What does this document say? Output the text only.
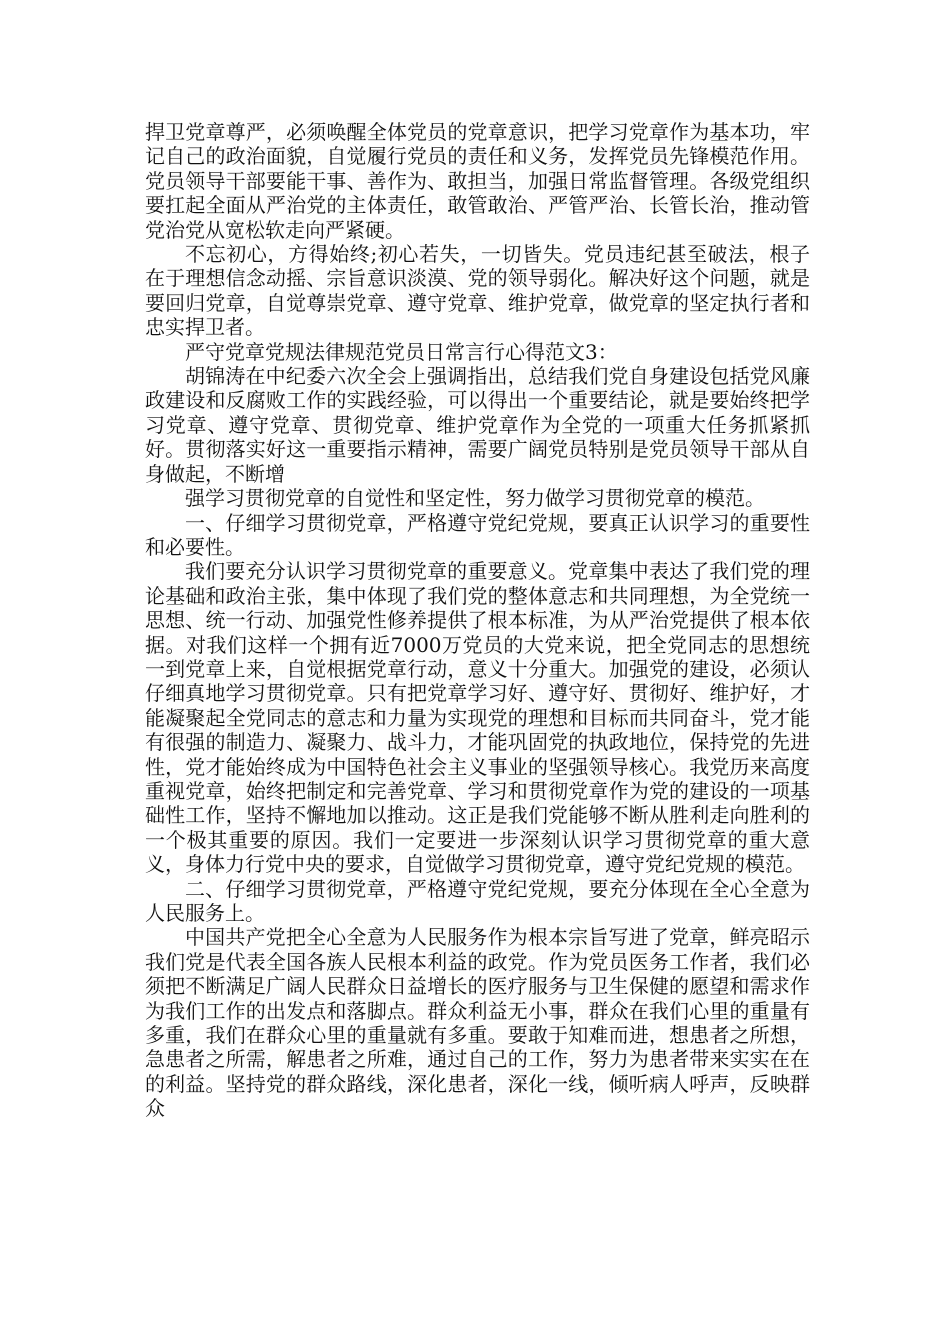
捍卫党章尊严，必须唤醒全体党员的党章意识，把学习党章作为基本功，牢记自己的政治面貌，自觉履行党员的责任和义务，发挥党员先锋模范作用。党员领导干部要能干事、善作为、敢担当，加强日常监督管理。各级党组织要扛起全面从严治党的主体责任，敢管敢治、严管严治、长管长治，推动管党治党从宽松软走向严紧硬。

不忘初心，方得始终;初心若失，一切皆失。党员违纪甚至破法，根子在于理想信念动摇、宗旨意识淡漠、党的领导弱化。解决好这个问题，就是要回归党章，自觉尊崇党章、遵守党章、维护党章，做党章的坚定执行者和忠实捍卫者。

严守党章党规法律规范党员日常言行心得范文3：

胡锦涛在中纪委六次全会上强调指出，总结我们党自身建设包括党风廉政建设和反腐败工作的实践经验，可以得出一个重要结论，就是要始终把学习党章、遵守党章、贯彻党章、维护党章作为全党的一项重大任务抓紧抓好。贯彻落实好这一重要指示精神，需要广阔党员特别是党员领导干部从自身做起，不断增

强学习贯彻党章的自觉性和坚定性，努力做学习贯彻党章的模范。

一、仔细学习贯彻党章，严格遵守党纪党规，要真正认识学习的重要性和必要性。

我们要充分认识学习贯彻党章的重要意义。党章集中表达了我们党的理论基础和政治主张，集中体现了我们党的整体意志和共同理想，为全党统一思想、统一行动、加强党性修养提供了根本标准，为从严治党提供了根本依据。对我们这样一个拥有近7000万党员的大党来说，把全党同志的思想统一到党章上来，自觉根据党章行动，意义十分重大。加强党的建设，必须认仔细真地学习贯彻党章。只有把党章学习好、遵守好、贯彻好、维护好，才能凝聚起全党同志的意志和力量为实现党的理想和目标而共同奋斗，党才能有很强的制造力、凝聚力、战斗力，才能巩固党的执政地位，保持党的先进性，党才能始终成为中国特色社会主义事业的坚强领导核心。我党历来高度重视党章，始终把制定和完善党章、学习和贯彻党章作为党的建设的一项基础性工作，坚持不懈地加以推动。这正是我们党能够不断从胜利走向胜利的一个极其重要的原因。我们一定要进一步深刻认识学习贯彻党章的重大意义，身体力行党中央的要求，自觉做学习贯彻党章，遵守党纪党规的模范。

二、仔细学习贯彻党章，严格遵守党纪党规，要充分体现在全心全意为人民服务上。

中国共产党把全心全意为人民服务作为根本宗旨写进了党章，鲜亮昭示我们党是代表全国各族人民根本利益的政党。作为党员医务工作者，我们必须把不断满足广阔人民群众日益增长的医疗服务与卫生保健的愿望和需求作为我们工作的出发点和落脚点。群众利益无小事，群众在我们心里的重量有多重，我们在群众心里的重量就有多重。要敢于知难而进，想患者之所想，急患者之所需，解患者之所难，通过自己的工作，努力为患者带来实实在在的利益。坚持党的群众路线，深化患者，深化一线，倾听病人呼声，反映群众
